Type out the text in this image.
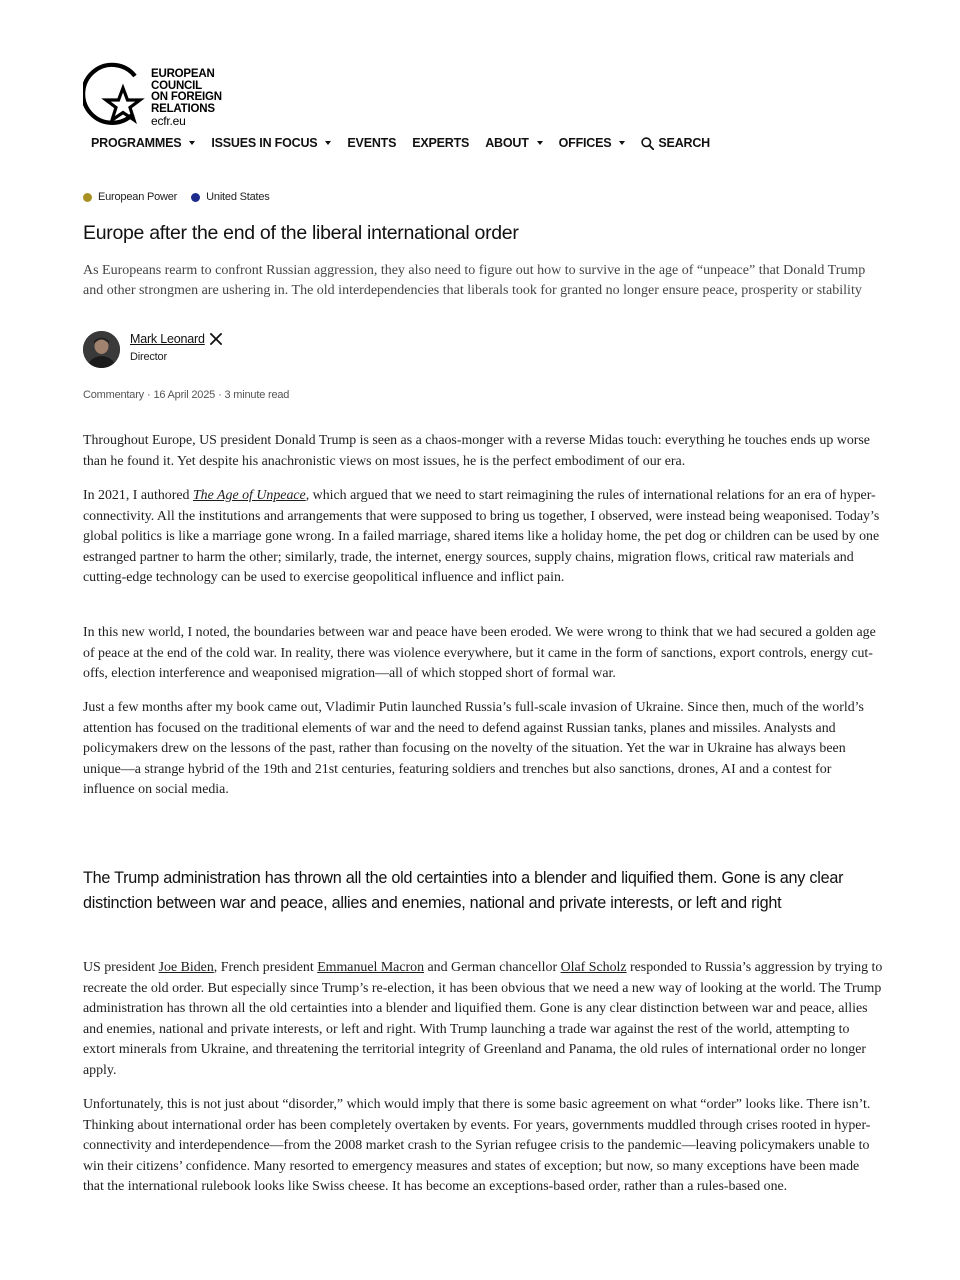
EUROPEAN
COUNCIL
ON FOREIGN
RELATIONS
ecfr.eu
PROGRAMMES ISSUES IN FOCUS EVENTS EXPERTS ABOUT OFFICES	SEARCH
European Power	United States
Europe after the end of the liberal international order

As Europeans rearm to confront Russian aggression, they also need to figure out how to survive in the age of “unpeace” that Donald Trump and other strongmen are ushering in. The old interdependencies that liberals took for granted no longer ensure peace, prosperity or stability

Mark Leonard
Director
Commentary · 16 April 2025 · 3 minute read

Throughout Europe, US president Donald Trump is seen as a chaos-monger with a reverse Midas touch: everything he touches ends up worse than he found it. Yet despite his anachronistic views on most issues, he is the perfect embodiment of our era.

In 2021, I authored The Age of Unpeace, which argued that we need to start reimagining the rules of international relations for an era of hyper-connectivity. All the institutions and arrangements that were supposed to bring us together, I observed, were instead being weaponised. Today’s global politics is like a marriage gone wrong. In a failed marriage, shared items like a holiday home, the pet dog or children can be used by one estranged partner to harm the other; similarly, trade, the internet, energy sources, supply chains, migration flows, critical raw materials and cutting-edge technology can be used to exercise geopolitical influence and inflict pain.

In this new world, I noted, the boundaries between war and peace have been eroded. We were wrong to think that we had secured a golden age of peace at the end of the cold war. In reality, there was violence everywhere, but it came in the form of sanctions, export controls, energy cut-offs, election interference and weaponised migration—all of which stopped short of formal war.

Just a few months after my book came out, Vladimir Putin launched Russia’s full-scale invasion of Ukraine. Since then, much of the world’s attention has focused on the traditional elements of war and the need to defend against Russian tanks, planes and missiles. Analysts and policymakers drew on the lessons of the past, rather than focusing on the novelty of the situation. Yet the war in Ukraine has always been unique—a strange hybrid of the 19th and 21st centuries, featuring soldiers and trenches but also sanctions, drones, AI and a contest for influence on social media.

The Trump administration has thrown all the old certainties into a blender and liquified them. Gone is any clear distinction between war and peace, allies and enemies, national and private interests, or left and right

US president Joe Biden, French president Emmanuel Macron and German chancellor Olaf Scholz responded to Russia’s aggression by trying to recreate the old order. But especially since Trump’s re-election, it has been obvious that we need a new way of looking at the world. The Trump administration has thrown all the old certainties into a blender and liquified them. Gone is any clear distinction between war and peace, allies and enemies, national and private interests, or left and right. With Trump launching a trade war against the rest of the world, attempting to extort minerals from Ukraine, and threatening the territorial integrity of Greenland and Panama, the old rules of international order no longer apply.

Unfortunately, this is not just about “disorder,” which would imply that there is some basic agreement on what “order” looks like. There isn’t. Thinking about international order has been completely overtaken by events. For years, governments muddled through crises rooted in hyper-connectivity and interdependence—from the 2008 market crash to the Syrian refugee crisis to the pandemic—leaving policymakers unable to win their citizens’ confidence. Many resorted to emergency measures and states of exception; but now, so many exceptions have been made that the international rulebook looks like Swiss cheese. It has become an exceptions-based order, rather than a rules-based one.
